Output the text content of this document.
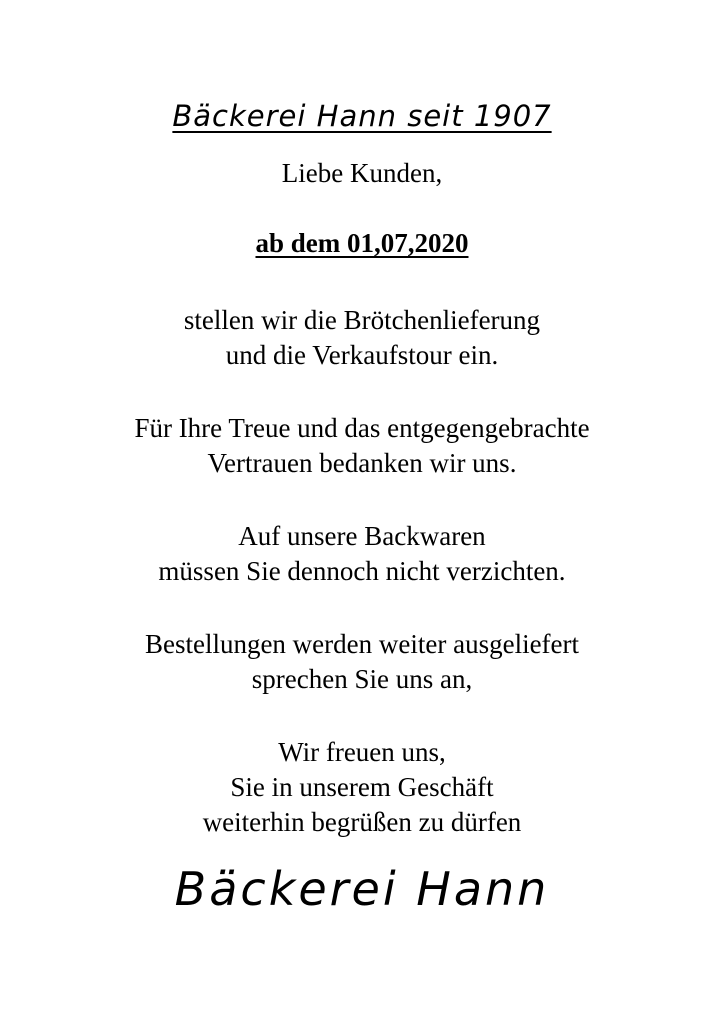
Bäckerei Hann seit 1907
Liebe Kunden,
ab dem 01,07,2020
stellen wir die Brötchenlieferung
und die Verkaufstour ein.
Für Ihre Treue und das entgegengebrachte
Vertrauen bedanken wir uns.
Auf unsere Backwaren
müssen Sie dennoch nicht verzichten.
Bestellungen werden weiter ausgeliefert
sprechen Sie uns an,
Wir freuen uns,
Sie in unserem Geschäft
weiterhin begrüßen zu dürfen
Bäckerei Hann
